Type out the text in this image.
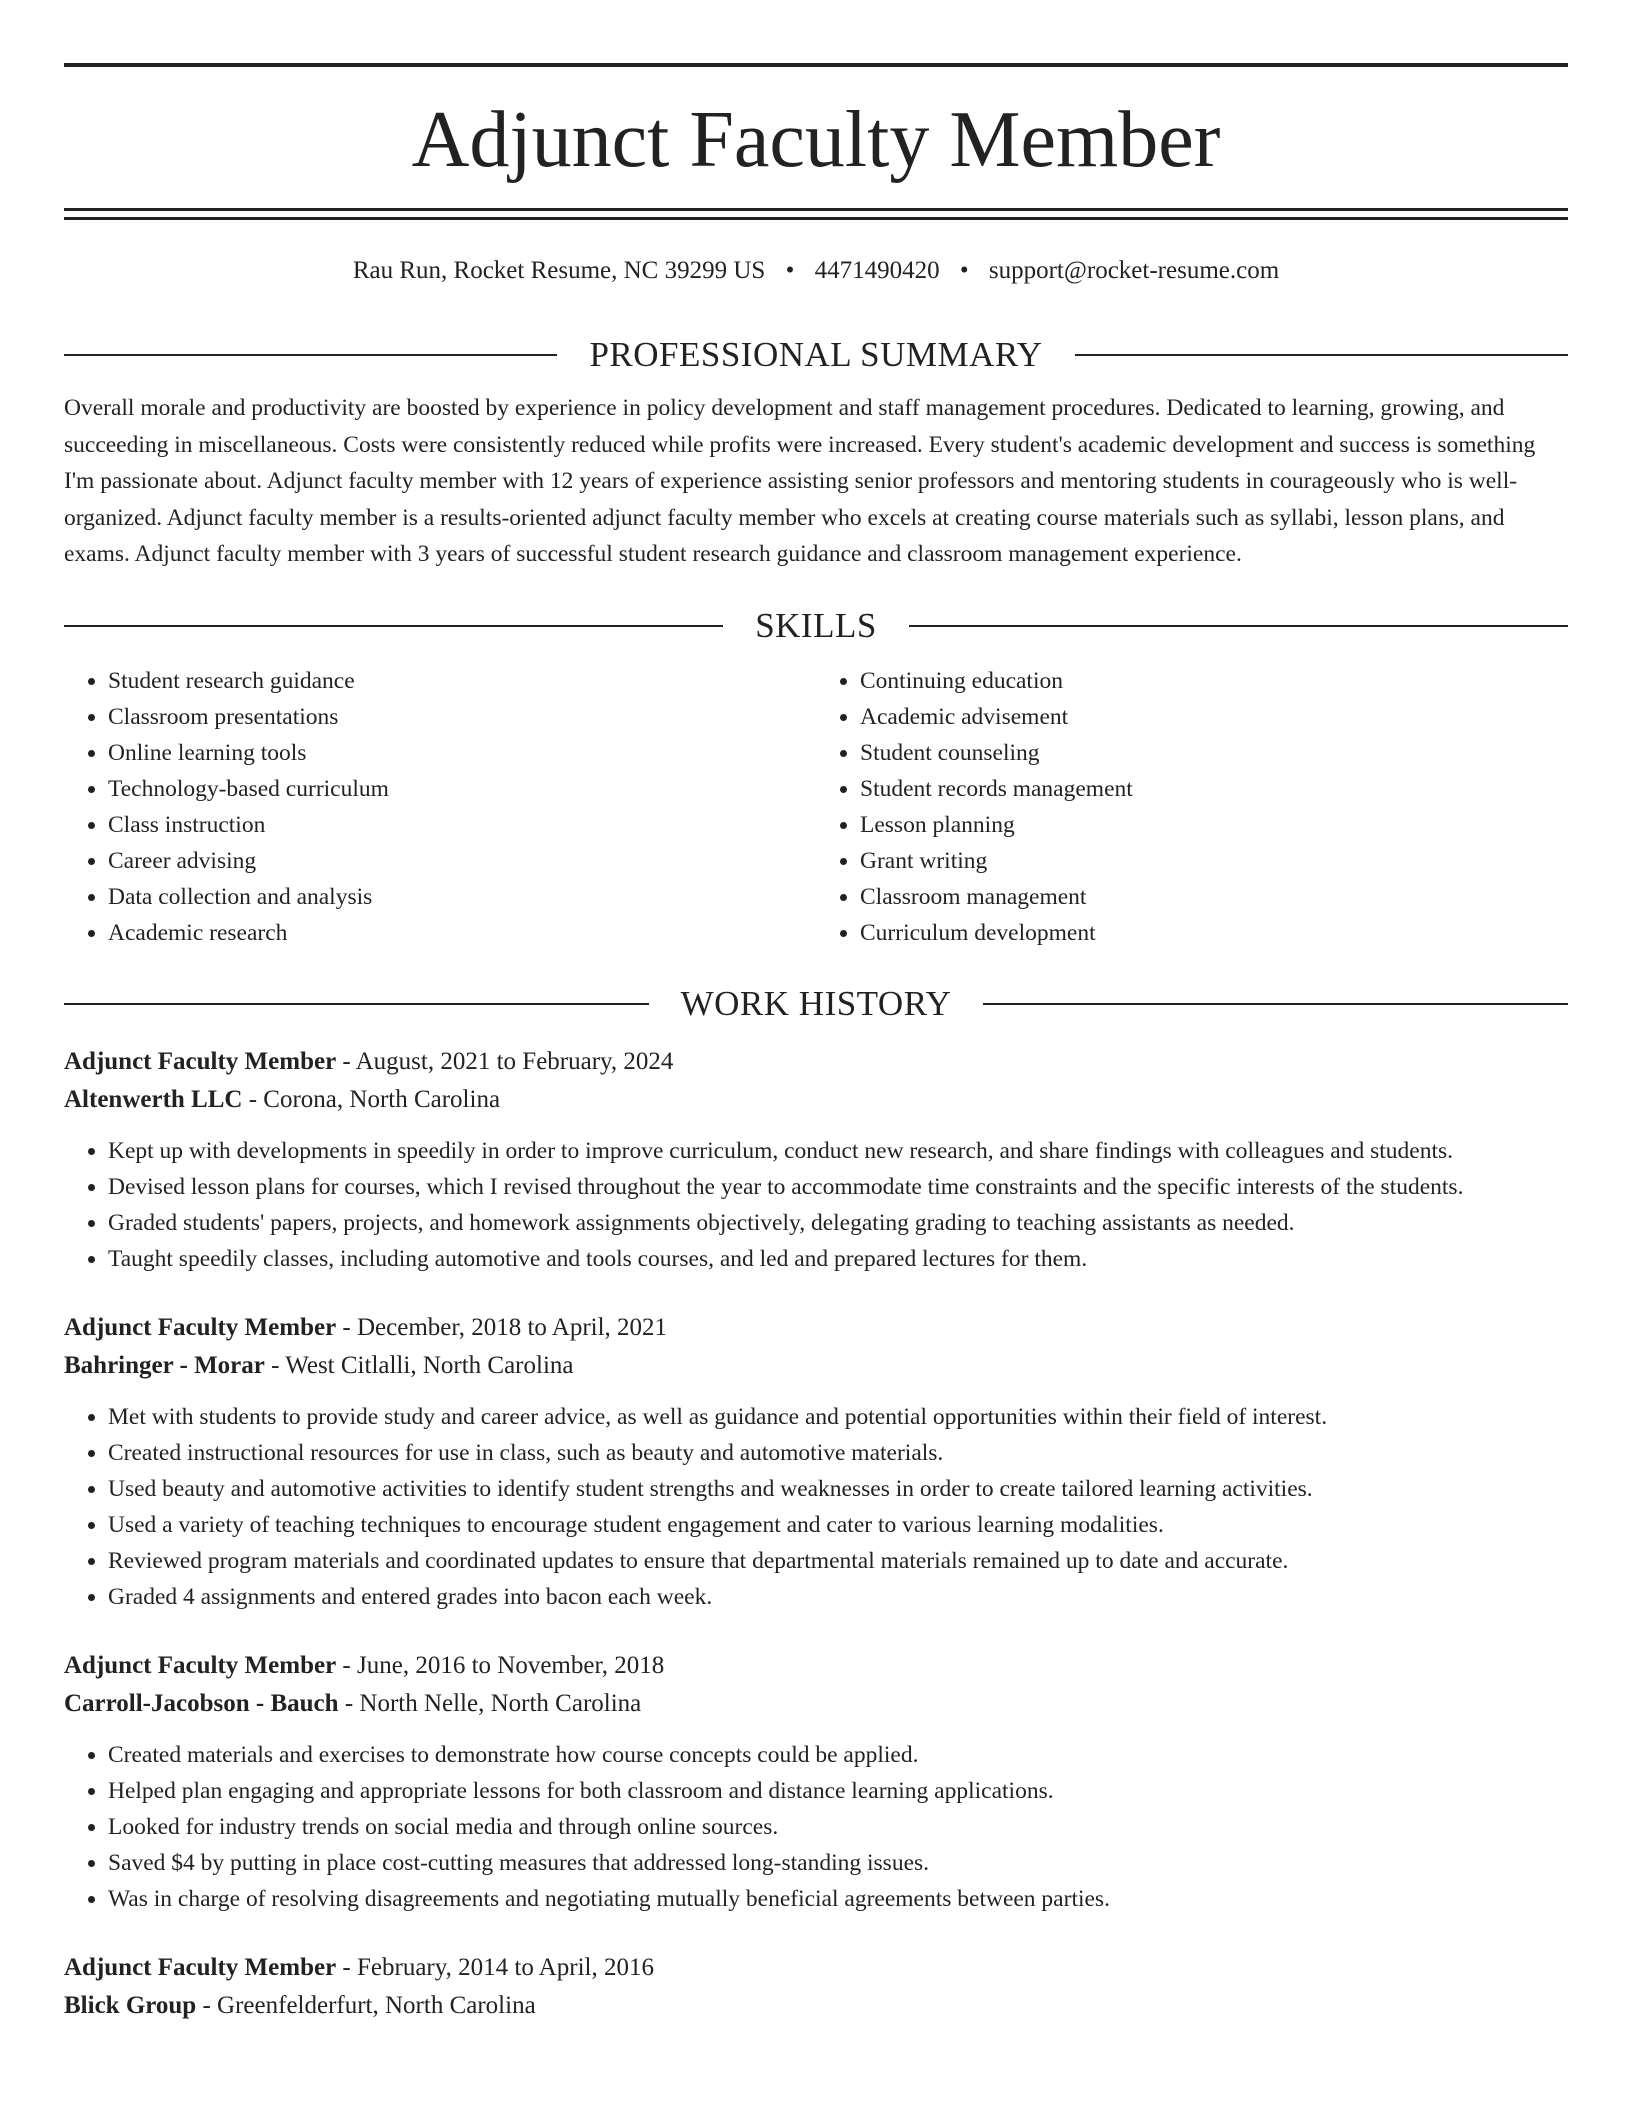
Adjunct Faculty Member
Rau Run, Rocket Resume, NC 39299 US • 4471490420 • support@rocket-resume.com
PROFESSIONAL SUMMARY

Overall morale and productivity are boosted by experience in policy development and staff management procedures. Dedicated to learning, growing, and succeeding in miscellaneous. Costs were consistently reduced while profits were increased. Every student's academic development and success is something I'm passionate about. Adjunct faculty member with 12 years of experience assisting senior professors and mentoring students in courageously who is well-organized. Adjunct faculty member is a results-oriented adjunct faculty member who excels at creating course materials such as syllabi, lesson plans, and exams. Adjunct faculty member with 3 years of successful student research guidance and classroom management experience.

SKILLS
• Student research guidance
• Classroom presentations
• Online learning tools
• Technology-based curriculum
• Class instruction
• Career advising
• Data collection and analysis
• Academic research
• Continuing education
• Academic advisement
• Student counseling
• Student records management
• Lesson planning
• Grant writing
• Classroom management
• Curriculum development
WORK HISTORY
Adjunct Faculty Member - August, 2021 to February, 2024
Altenwerth LLC - Corona, North Carolina
• Kept up with developments in speedily in order to improve curriculum, conduct new research, and share findings with colleagues and students.
• Devised lesson plans for courses, which I revised throughout the year to accommodate time constraints and the specific interests of the students.
• Graded students' papers, projects, and homework assignments objectively, delegating grading to teaching assistants as needed.
• Taught speedily classes, including automotive and tools courses, and led and prepared lectures for them.
Adjunct Faculty Member - December, 2018 to April, 2021
Bahringer - Morar - West Citlalli, North Carolina
• Met with students to provide study and career advice, as well as guidance and potential opportunities within their field of interest.
• Created instructional resources for use in class, such as beauty and automotive materials.
• Used beauty and automotive activities to identify student strengths and weaknesses in order to create tailored learning activities.
• Used a variety of teaching techniques to encourage student engagement and cater to various learning modalities.
• Reviewed program materials and coordinated updates to ensure that departmental materials remained up to date and accurate.
• Graded 4 assignments and entered grades into bacon each week.
Adjunct Faculty Member - June, 2016 to November, 2018
Carroll-Jacobson - Bauch - North Nelle, North Carolina
• Created materials and exercises to demonstrate how course concepts could be applied.
• Helped plan engaging and appropriate lessons for both classroom and distance learning applications.
• Looked for industry trends on social media and through online sources.
• Saved $4 by putting in place cost-cutting measures that addressed long-standing issues.
• Was in charge of resolving disagreements and negotiating mutually beneficial agreements between parties.
Adjunct Faculty Member - February, 2014 to April, 2016
Blick Group - Greenfelderfurt, North Carolina
